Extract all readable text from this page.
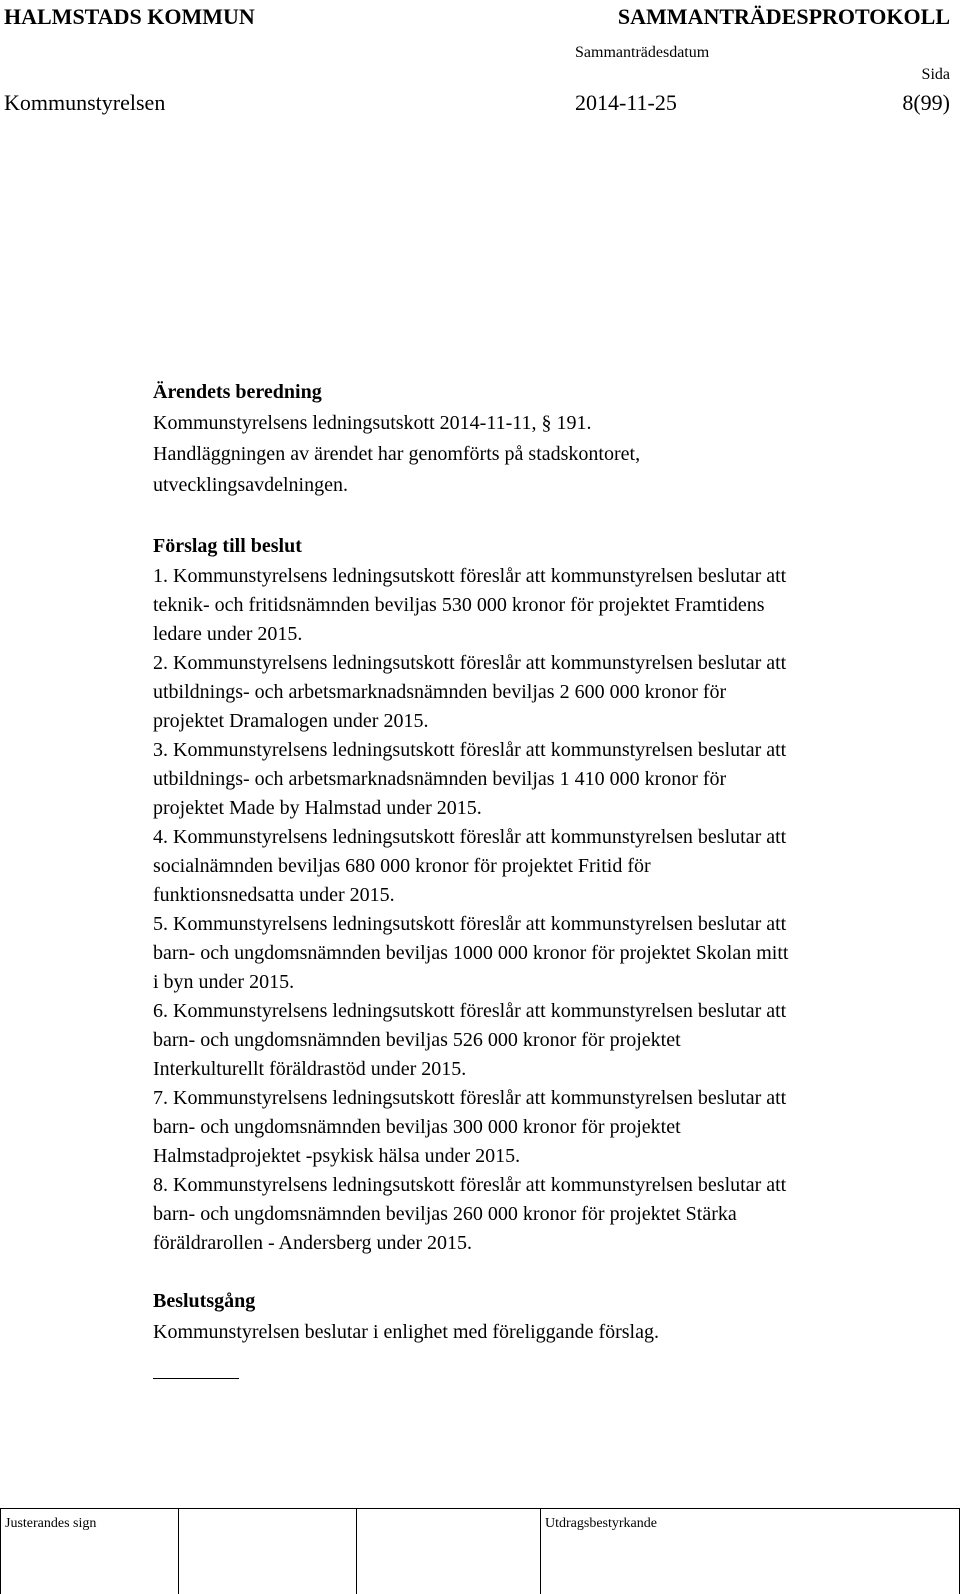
HALMSTADS KOMMUN	SAMMANTRÄDESPROTOKOLL
Sammanträdesdatum
Sida
Kommunstyrelsen	2014-11-25	8(99)

Ärendets beredning

Kommunstyrelsens ledningsutskott 2014-11-11, § 191.

Handläggningen av ärendet har genomförts på stadskontoret,

utvecklingsavdelningen.

Förslag till beslut

1. Kommunstyrelsens ledningsutskott föreslår att kommunstyrelsen beslutar att

teknik- och fritidsnämnden beviljas 530 000 kronor för projektet Framtidens

ledare under 2015.

2. Kommunstyrelsens ledningsutskott föreslår att kommunstyrelsen beslutar att

utbildnings- och arbetsmarknadsnämnden beviljas 2 600 000 kronor för

projektet Dramalogen under 2015.

3. Kommunstyrelsens ledningsutskott föreslår att kommunstyrelsen beslutar att

utbildnings- och arbetsmarknadsnämnden beviljas 1 410 000 kronor för

projektet Made by Halmstad under 2015.

4. Kommunstyrelsens ledningsutskott föreslår att kommunstyrelsen beslutar att

socialnämnden beviljas 680 000 kronor för projektet Fritid för

funktionsnedsatta under 2015.

5. Kommunstyrelsens ledningsutskott föreslår att kommunstyrelsen beslutar att

barn- och ungdomsnämnden beviljas 1000 000 kronor för projektet Skolan mitt

i byn under 2015.

6. Kommunstyrelsens ledningsutskott föreslår att kommunstyrelsen beslutar att

barn- och ungdomsnämnden beviljas 526 000 kronor för projektet

Interkulturellt föräldrastöd under 2015.

7. Kommunstyrelsens ledningsutskott föreslår att kommunstyrelsen beslutar att

barn- och ungdomsnämnden beviljas 300 000 kronor för projektet

Halmstadprojektet -psykisk hälsa under 2015.

8. Kommunstyrelsens ledningsutskott föreslår att kommunstyrelsen beslutar att

barn- och ungdomsnämnden beviljas 260 000 kronor för projektet Stärka

föräldrarollen - Andersberg under 2015.

Beslutsgång

Kommunstyrelsen beslutar i enlighet med föreliggande förslag.

Justerandes sign	Utdragsbestyrkande
